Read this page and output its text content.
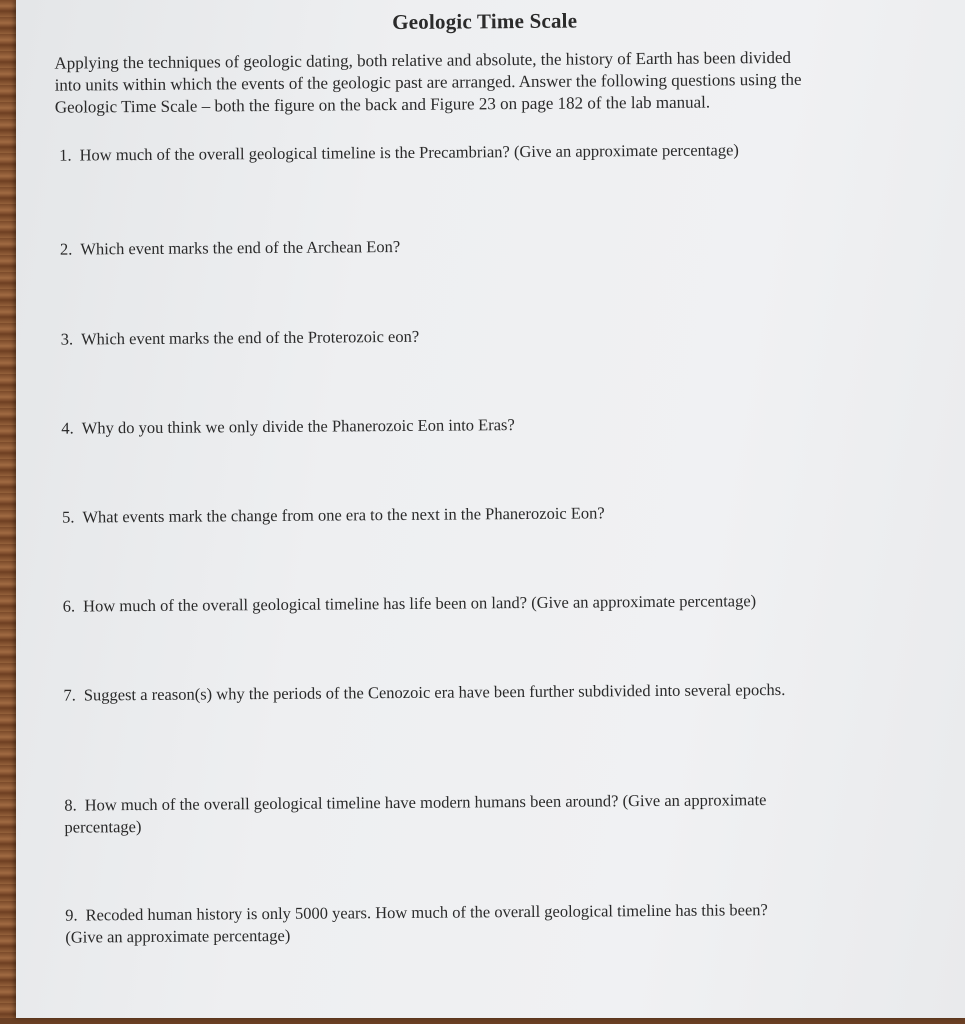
Geologic Time Scale
Applying the techniques of geologic dating, both relative and absolute, the history of Earth has been divided
into units within which the events of the geologic past are arranged. Answer the following questions using the
Geologic Time Scale – both the figure on the back and Figure 23 on page 182 of the lab manual.
1. How much of the overall geological timeline is the Precambrian? (Give an approximate percentage)
2. Which event marks the end of the Archean Eon?
3. Which event marks the end of the Proterozoic eon?
4. Why do you think we only divide the Phanerozoic Eon into Eras?
5. What events mark the change from one era to the next in the Phanerozoic Eon?
6. How much of the overall geological timeline has life been on land? (Give an approximate percentage)
7. Suggest a reason(s) why the periods of the Cenozoic era have been further subdivided into several epochs.
8. How much of the overall geological timeline have modern humans been around? (Give an approximate
percentage)
9. Recoded human history is only 5000 years. How much of the overall geological timeline has this been?
(Give an approximate percentage)
